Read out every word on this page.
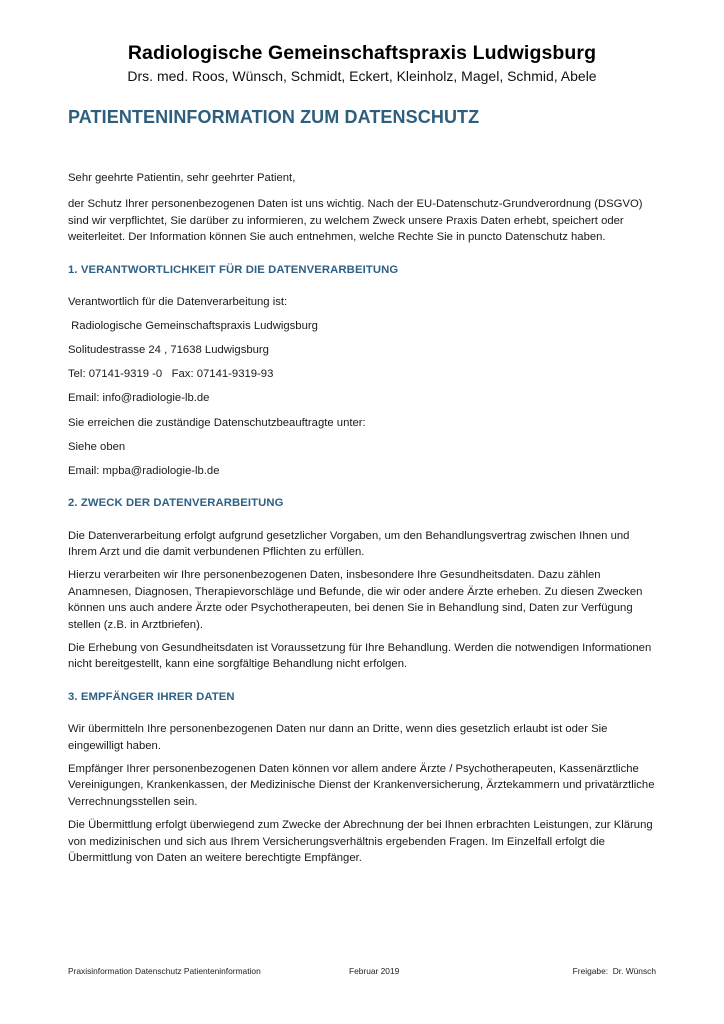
Radiologische Gemeinschaftspraxis Ludwigsburg
Drs. med. Roos, Wünsch, Schmidt, Eckert, Kleinholz, Magel, Schmid, Abele
PATIENTENINFORMATION ZUM DATENSCHUTZ

Sehr geehrte Patientin, sehr geehrter Patient,

der Schutz Ihrer personenbezogenen Daten ist uns wichtig. Nach der EU-Datenschutz-Grundverordnung (DSGVO) sind wir verpflichtet, Sie darüber zu informieren, zu welchem Zweck unsere Praxis Daten erhebt, speichert oder weiterleitet. Der Information können Sie auch entnehmen, welche Rechte Sie in puncto Datenschutz haben.

1. VERANTWORTLICHKEIT FÜR DIE DATENVERARBEITUNG

Verantwortlich für die Datenverarbeitung ist:

Radiologische Gemeinschaftspraxis Ludwigsburg

Solitudestrasse 24 , 71638 Ludwigsburg

Tel: 07141-9319 -0   Fax: 07141-9319-93

Email: info@radiologie-lb.de

Sie erreichen die zuständige Datenschutzbeauftragte unter:

Siehe oben

Email: mpba@radiologie-lb.de

2. ZWECK DER DATENVERARBEITUNG

Die Datenverarbeitung erfolgt aufgrund gesetzlicher Vorgaben, um den Behandlungsvertrag zwischen Ihnen und Ihrem Arzt und die damit verbundenen Pflichten zu erfüllen.

Hierzu verarbeiten wir Ihre personenbezogenen Daten, insbesondere Ihre Gesundheitsdaten. Dazu zählen Anamnesen, Diagnosen, Therapievorschläge und Befunde, die wir oder andere Ärzte erheben. Zu diesen Zwecken können uns auch andere Ärzte oder Psychotherapeuten, bei denen Sie in Behandlung sind, Daten zur Verfügung stellen (z.B. in Arztbriefen).

Die Erhebung von Gesundheitsdaten ist Voraussetzung für Ihre Behandlung. Werden die notwendigen Informationen nicht bereitgestellt, kann eine sorgfältige Behandlung nicht erfolgen.

3. EMPFÄNGER IHRER DATEN

Wir übermitteln Ihre personenbezogenen Daten nur dann an Dritte, wenn dies gesetzlich erlaubt ist oder Sie eingewilligt haben.

Empfänger Ihrer personenbezogenen Daten können vor allem andere Ärzte / Psychotherapeuten, Kassenärztliche Vereinigungen, Krankenkassen, der Medizinische Dienst der Krankenversicherung, Ärztekammern und privatärztliche Verrechnungsstellen sein.

Die Übermittlung erfolgt überwiegend zum Zwecke der Abrechnung der bei Ihnen erbrachten Leistungen, zur Klärung von medizinischen und sich aus Ihrem Versicherungsverhältnis ergebenden Fragen. Im Einzelfall erfolgt die Übermittlung von Daten an weitere berechtigte Empfänger.

Praxisinformation Datenschutz Patienteninformation	Februar 2019	Freigabe:  Dr. Wünsch
